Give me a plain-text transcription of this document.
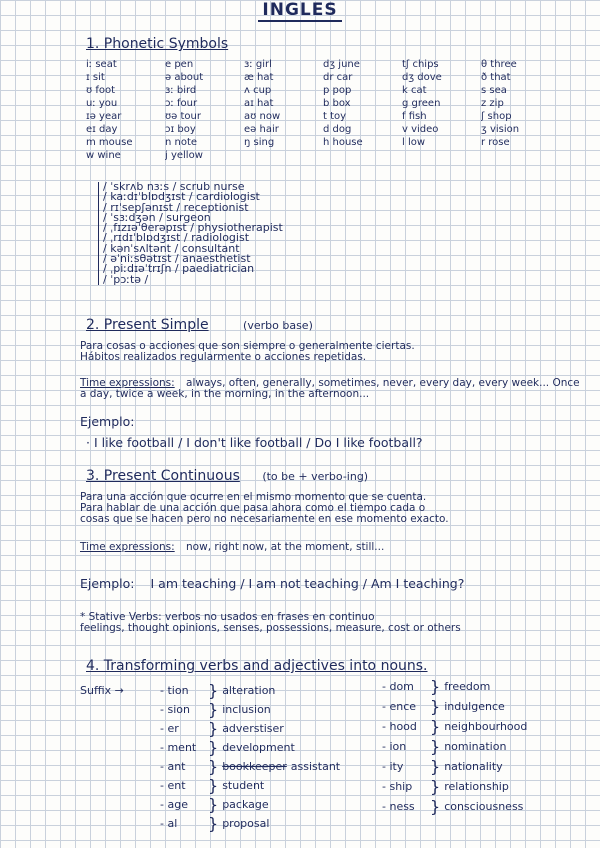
INGLES
1. Phonetic Symbols
iː seat	e pen	ɜː girl	dʒ june	tʃ chips	θ three
ɪ sit	ə about	æ hat	dr car	dʒ dove	ð that
ʊ foot	ɜː bird	ʌ cup	p pop	k cat	s sea
uː you	ɔː four	aɪ hat	b box	g green	z zip
ɪə year	ʊə tour	aʊ now	t toy	f fish	ʃ shop
eɪ day	ɔɪ boy	eə hair	d dog	v video	ʒ vision
m mouse	n note	ŋ sing	h house	l low	r rose
w wine	j yellow
/ ˈskrʌb nɜːs / scrub nurse
/ kaːdɪˈblɒdʒɪst / cardiologist
/ rɪˈsepʃənɪst / receptionist
/ ˈsɜːdʒən / surgeon
/ ˌfɪzɪəˈθerəpɪst / physiotherapist
/ ˌrɪdɪˈblɒdʒɪst / radiologist
/ kənˈsʌltənt / consultant
/ əˈniːsθətɪst / anaesthetist
/ ˌpiːdɪəˈtrɪʃn / paediatrician
/ ˈpɔːtə /
2. Present Simple	(verbo base)
Para cosas o acciones que son siempre o generalmente ciertas.
Hábitos realizados regularmente o acciones repetidas.
Time expressions: always, often, generally, sometimes, never, every day, every week... Once a day, twice a week, in the morning, in the afternoon...
Ejemplo:
· I like football / I don't like football / Do I like football?
3. Present Continuous (to be + verbo-ing)
Para una acción que ocurre en el mismo momento que se cuenta.
Para hablar de una acción que pasa ahora como el tiempo cada o
cosas que se hacen pero no necesariamente en ese momento exacto.
Time expressions: now, right now, at the moment, still...
Ejemplo: I am teaching / I am not teaching / Am I teaching?
* Stative Verbs: verbos no usados en frases en continuo
feelings, thought opinions, senses, possessions, measure, cost or others
4. Transforming verbs and adjectives into nouns.
Suffix →	- tion	} alteration
- sion	} inclusion
- er	} adverstiser
- ment } development
- ant	} bookkeeper assistant
- ent	} student
- age	} package
- al	} proposal
- dom	} freedom
- ence } indulgence
- hood } neighbourhood
- ion	} nomination
- ity	} nationality
- ship	} relationship
- ness } consciousness
